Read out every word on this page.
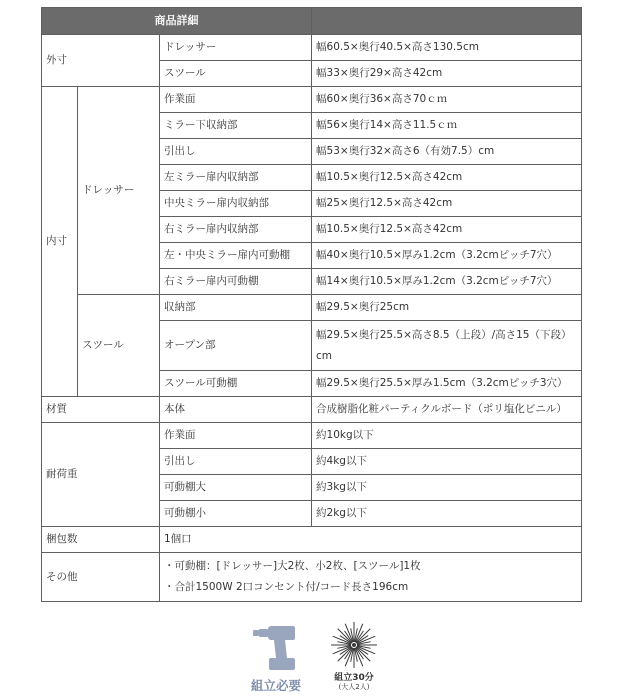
商品詳細			
外寸		ドレッサー	幅60.5×奥行40.5×高さ130.5cm
		スツール	幅33×奥行29×高さ42cm
内寸	ドレッサー	作業面	幅60×奥行36×高さ70ｃｍ
		ミラー下収納部	幅56×奥行14×高さ11.5ｃｍ
		引出し	幅53×奥行32×高さ6（有効7.5）cm
		左ミラー扉内収納部	幅10.5×奥行12.5×高さ42cm
		中央ミラー扉内収納部	幅25×奥行12.5×高さ42cm
		右ミラー扉内収納部	幅10.5×奥行12.5×高さ42cm
		左・中央ミラー扉内可動棚	幅40×奥行10.5×厚み1.2cm（3.2cmピッチ7穴）
		右ミラー扉内可動棚	幅14×奥行10.5×厚み1.2cm（3.2cmピッチ7穴）
	スツール	収納部	幅29.5×奥行25cm
		オープン部	幅29.5×奥行25.5×高さ8.5（上段）/高さ15（下段）cm
		スツール可動棚	幅29.5×奥行25.5×厚み1.5cm（3.2cmピッチ3穴）
材質		本体	合成樹脂化粧パーティクルボード（ポリ塩化ビニル）
耐荷重		作業面	約10kg以下
		引出し	約4kg以下
		可動棚大	約3kg以下
		可動棚小	約2kg以下
梱包数		1個口	
その他		・可動棚：[ドレッサー]大2枚、小2枚、[スツール]1枚
・合計1500W 2口コンセント付/コード長さ196cm	
組立必要	組立30分
(大人2人)
